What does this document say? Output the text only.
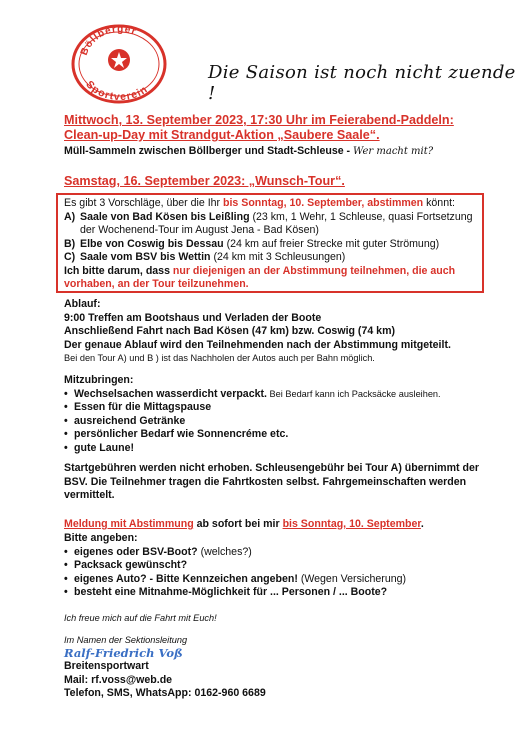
Böllberger
Sportverein
Die Saison ist noch nicht zuende !
Mittwoch, 13. September 2023, 17:30 Uhr im Feierabend-Paddeln:
Clean-up-Day mit Strandgut-Aktion „Saubere Saale“.
Müll-Sammeln zwischen Böllberger und Stadt-Schleuse - Wer macht mit?
Samstag, 16. September 2023: „Wunsch-Tour“.
Es gibt 3 Vorschläge, über die Ihr bis Sonntag, 10. September, abstimmen könnt:
A) Saale von Bad Kösen bis Leißling (23 km, 1 Wehr, 1 Schleuse, quasi Fortsetzung der Wochenend-Tour im August Jena - Bad Kösen)
B) Elbe von Coswig bis Dessau (24 km auf freier Strecke mit guter Strömung)
C) Saale vom BSV bis Wettin (24 km mit 3 Schleusungen)
Ich bitte darum, dass nur diejenigen an der Abstimmung teilnehmen, die auch vorhaben, an der Tour teilzunehmen.
Ablauf:
9:00 Treffen am Bootshaus und Verladen der Boote
Anschließend Fahrt nach Bad Kösen (47 km) bzw. Coswig (74 km)
Der genaue Ablauf wird den Teilnehmenden nach der Abstimmung mitgeteilt.
Bei den Tour A) und B ) ist das Nachholen der Autos auch per Bahn möglich.
Mitzubringen:
• Wechselsachen wasserdicht verpackt. Bei Bedarf kann ich Packsäcke ausleihen.
• Essen für die Mittagspause
• ausreichend Getränke
• persönlicher Bedarf wie Sonnencréme etc.
• gute Laune!
Startgebühren werden nicht erhoben. Schleusengebühr bei Tour A) übernimmt der BSV. Die Teilnehmer tragen die Fahrtkosten selbst. Fahrgemeinschaften werden vermittelt.
Meldung mit Abstimmung ab sofort bei mir bis Sonntag, 10. September.
Bitte angeben:
• eigenes oder BSV-Boot? (welches?)
• Packsack gewünscht?
• eigenes Auto? - Bitte Kennzeichen angeben! (Wegen Versicherung)
• besteht eine Mitnahme-Möglichkeit für ... Personen / ... Boote?
Ich freue mich auf die Fahrt mit Euch!
Im Namen der Sektionsleitung
Ralf-Friedrich Voß
Breitensportwart
Mail: rf.voss@web.de
Telefon, SMS, WhatsApp: 0162-960 6689
